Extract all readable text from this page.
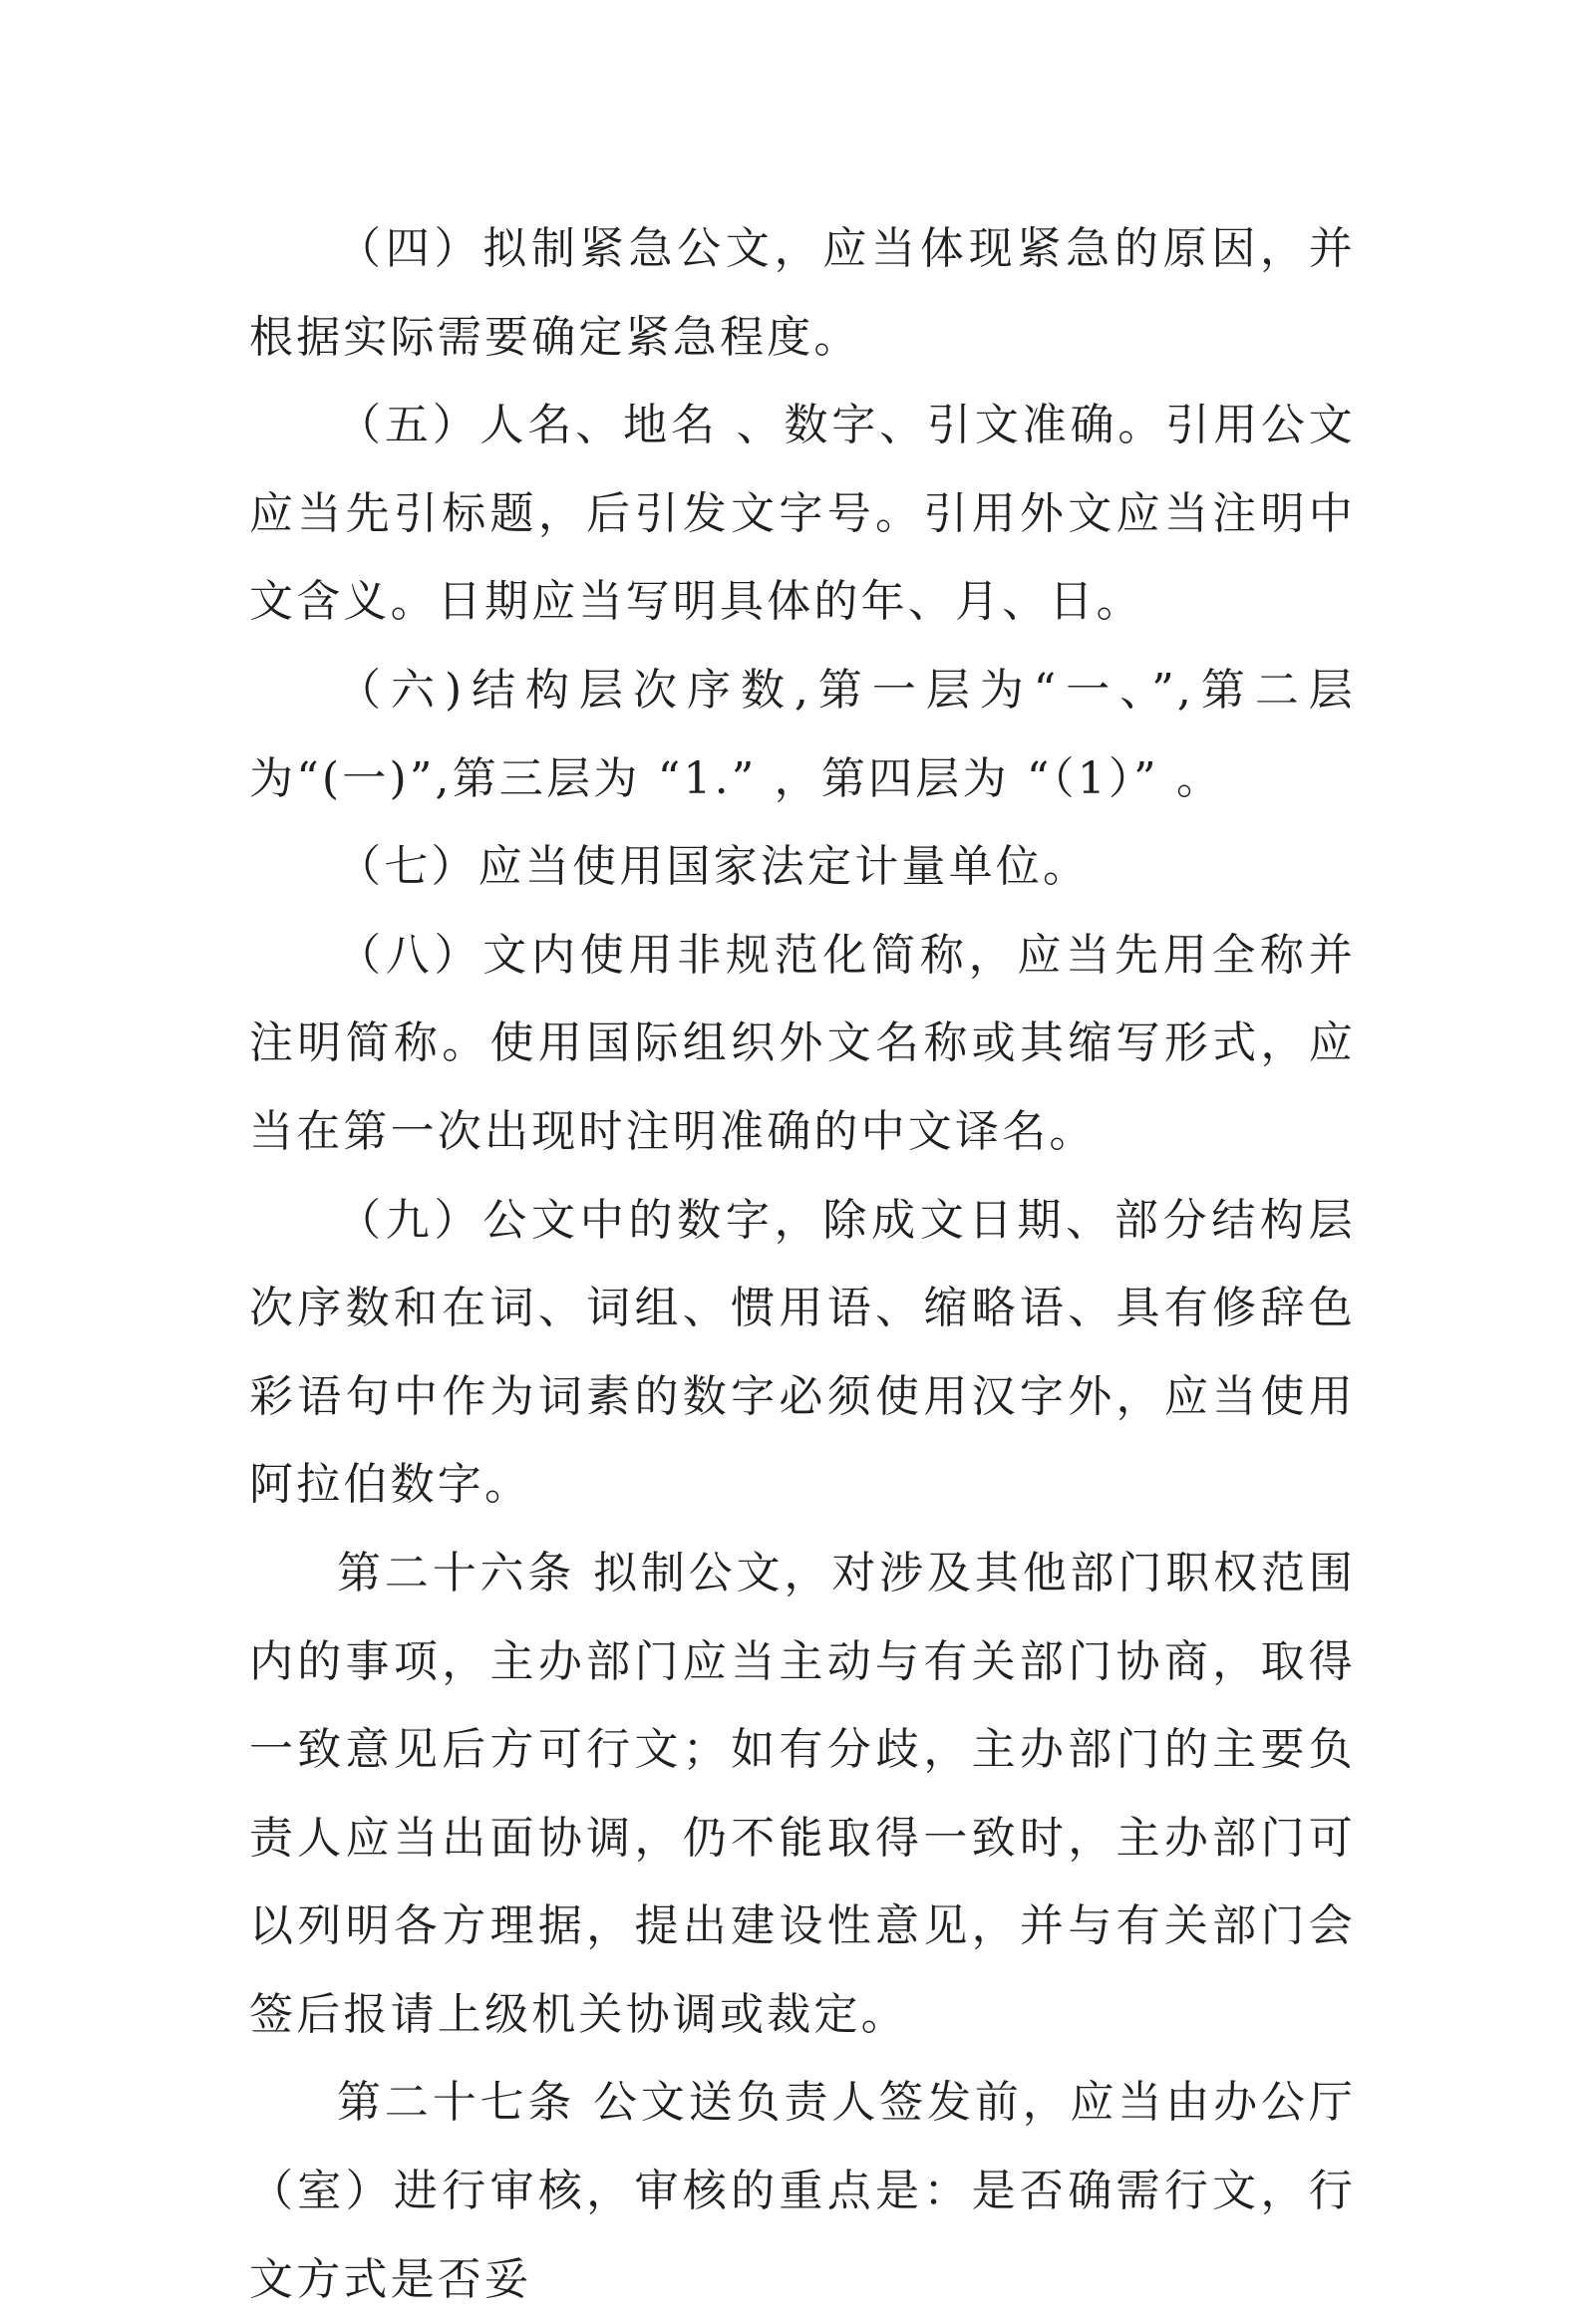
（四）拟制紧急公文，应当体现紧急的原因，并根据实际需要确定紧急程度。

（五）人名、地名 、数字、引文准确。引用公文应当先引标题，后引发文字号。引用外文应当注明中文含义。日期应当写明具体的年、月、日。

（六)结构层次序数,第一层为“一、”,第二层为“(一)”,第三层为 “1.” ，第四层为 “（1）” 。

（七）应当使用国家法定计量单位。

（八）文内使用非规范化简称，应当先用全称并注明简称。使用国际组织外文名称或其缩写形式，应当在第一次出现时注明准确的中文译名。

（九）公文中的数字，除成文日期、部分结构层次序数和在词、词组、惯用语、缩略语、具有修辞色彩语句中作为词素的数字必须使用汉字外，应当使用阿拉伯数字。

第二十六条 拟制公文，对涉及其他部门职权范围内的事项，主办部门应当主动与有关部门协商，取得一致意见后方可行文；如有分歧，主办部门的主要负责人应当出面协调，仍不能取得一致时，主办部门可以列明各方理据，提出建设性意见，并与有关部门会签后报请上级机关协调或裁定。

第二十七条 公文送负责人签发前，应当由办公厅（室）进行审核，审核的重点是：是否确需行文，行文方式是否妥
